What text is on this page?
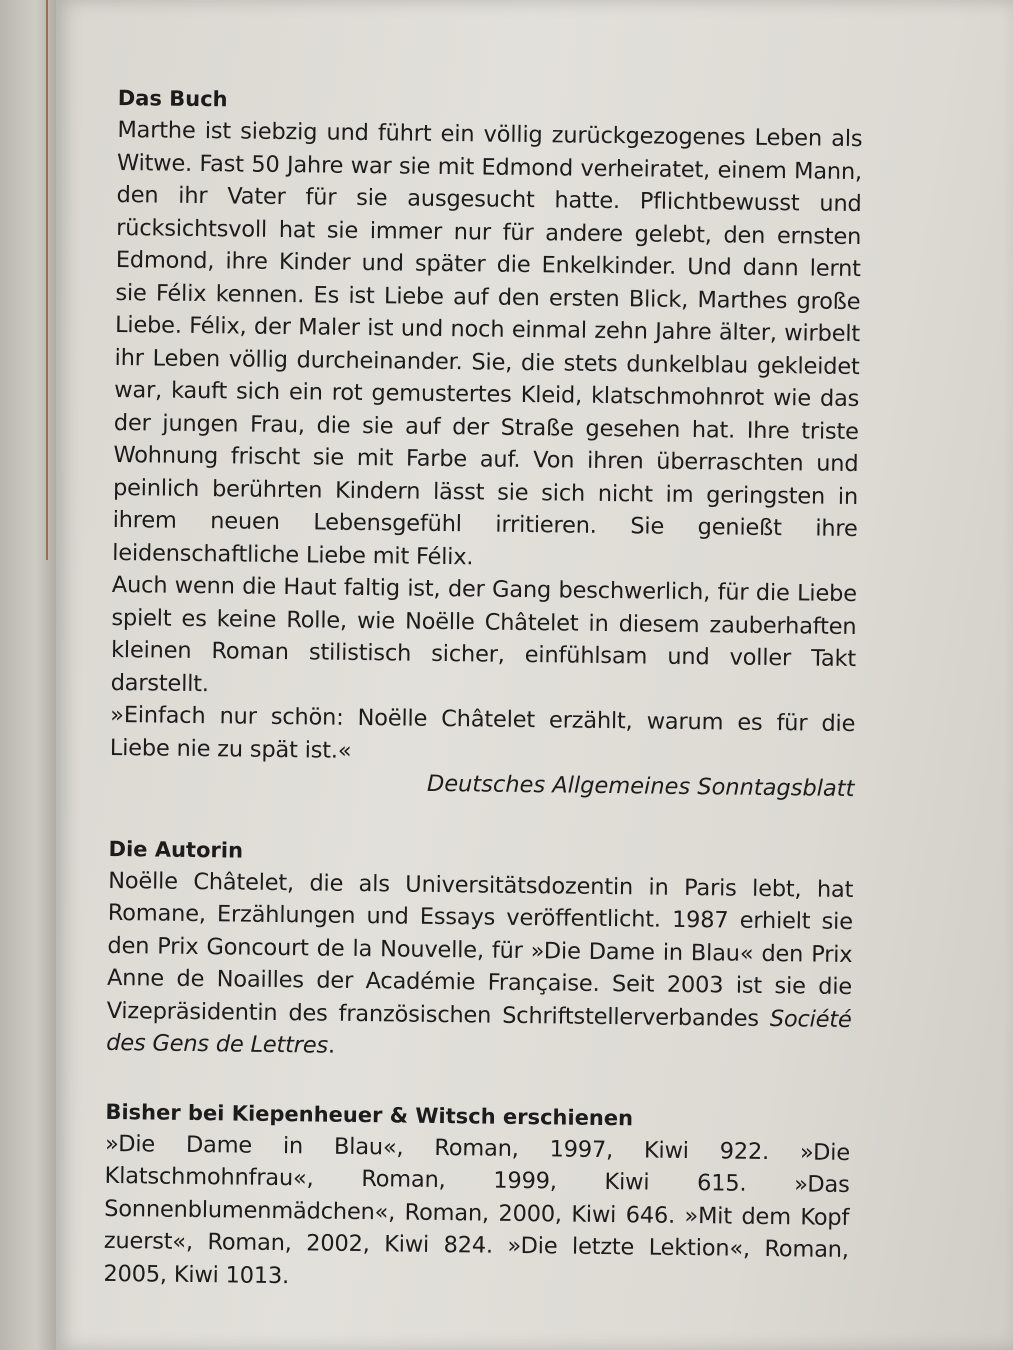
Das Buch

Marthe ist siebzig und führt ein völlig zurückgezogenes Leben als Witwe. Fast 50 Jahre war sie mit Edmond verheiratet, einem Mann, den ihr Vater für sie ausgesucht hatte. Pflichtbewusst und rücksichtsvoll hat sie immer nur für andere gelebt, den ernsten Edmond, ihre Kinder und später die Enkelkinder. Und dann lernt sie Félix kennen. Es ist Liebe auf den ersten Blick, Marthes große Liebe. Félix, der Maler ist und noch einmal zehn Jahre älter, wirbelt ihr Leben völlig durcheinander. Sie, die stets dunkelblau gekleidet war, kauft sich ein rot gemustertes Kleid, klatschmohnrot wie das der jungen Frau, die sie auf der Straße gesehen hat. Ihre triste Wohnung frischt sie mit Farbe auf. Von ihren überraschten und peinlich berührten Kindern lässt sie sich nicht im geringsten in ihrem neuen Lebensgefühl irritieren. Sie genießt ihre leidenschaftliche Liebe mit Félix.

Auch wenn die Haut faltig ist, der Gang beschwerlich, für die Liebe spielt es keine Rolle, wie Noëlle Châtelet in diesem zauberhaften kleinen Roman stilistisch sicher, einfühlsam und voller Takt darstellt.

»Einfach nur schön: Noëlle Châtelet erzählt, warum es für die Liebe nie zu spät ist.«

Deutsches Allgemeines Sonntagsblatt

Die Autorin

Noëlle Châtelet, die als Universitätsdozentin in Paris lebt, hat Romane, Erzählungen und Essays veröffentlicht. 1987 erhielt sie den Prix Goncourt de la Nouvelle, für »Die Dame in Blau« den Prix Anne de Noailles der Académie Française. Seit 2003 ist sie die Vizepräsidentin des französischen Schriftstellerverbandes Société des Gens de Lettres.

Bisher bei Kiepenheuer & Witsch erschienen

»Die Dame in Blau«, Roman, 1997, Kiwi 922. »Die Klatschmohnfrau«, Roman, 1999, Kiwi 615. »Das Sonnenblumenmädchen«, Roman, 2000, Kiwi 646. »Mit dem Kopf zuerst«, Roman, 2002, Kiwi 824. »Die letzte Lektion«, Roman, 2005, Kiwi 1013.
